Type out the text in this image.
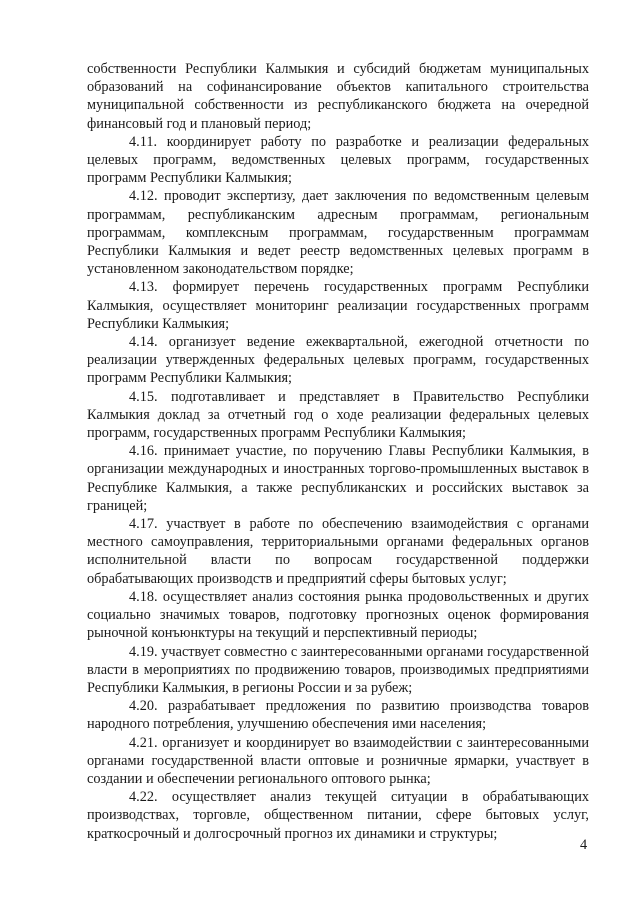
собственности Республики Калмыкия и субсидий бюджетам муниципальных образований на софинансирование объектов капитального строительства муниципальной собственности из республиканского бюджета на очередной финансовый год и плановый период;

4.11. координирует работу по разработке и реализации федеральных целевых программ, ведомственных целевых программ, государственных программ Республики Калмыкия;

4.12. проводит экспертизу, дает заключения по ведомственным целевым программам, республиканским адресным программам, региональным программам, комплексным программам, государственным программам Республики Калмыкия и ведет реестр ведомственных целевых программ в установленном законодательством порядке;

4.13. формирует перечень государственных программ Республики Калмыкия, осуществляет мониторинг реализации государственных программ Республики Калмыкия;

4.14. организует ведение ежеквартальной, ежегодной отчетности по реализации утвержденных федеральных целевых программ, государственных программ Республики Калмыкия;

4.15. подготавливает и представляет в Правительство Республики Калмыкия доклад за отчетный год о ходе реализации федеральных целевых программ, государственных программ Республики Калмыкия;

4.16. принимает участие, по поручению Главы Республики Калмыкия, в организации международных и иностранных торгово-промышленных выставок в Республике Калмыкия, а также республиканских и российских выставок за границей;

4.17. участвует в работе по обеспечению взаимодействия с органами местного самоуправления, территориальными органами федеральных органов исполнительной власти по вопросам государственной поддержки обрабатывающих производств и предприятий сферы бытовых услуг;

4.18. осуществляет анализ состояния рынка продовольственных и других социально значимых товаров, подготовку прогнозных оценок формирования рыночной конъюнктуры на текущий и перспективный периоды;

4.19. участвует совместно с заинтересованными органами государственной власти в мероприятиях по продвижению товаров, производимых предприятиями Республики Калмыкия, в регионы России и за рубеж;

4.20. разрабатывает предложения по развитию производства товаров народного потребления, улучшению обеспечения ими населения;

4.21. организует и координирует во взаимодействии с заинтересованными органами государственной власти оптовые и розничные ярмарки, участвует в создании и обеспечении регионального оптового рынка;

4.22. осуществляет анализ текущей ситуации в обрабатывающих производствах, торговле, общественном питании, сфере бытовых услуг, краткосрочный и долгосрочный прогноз их динамики и структуры;

4
